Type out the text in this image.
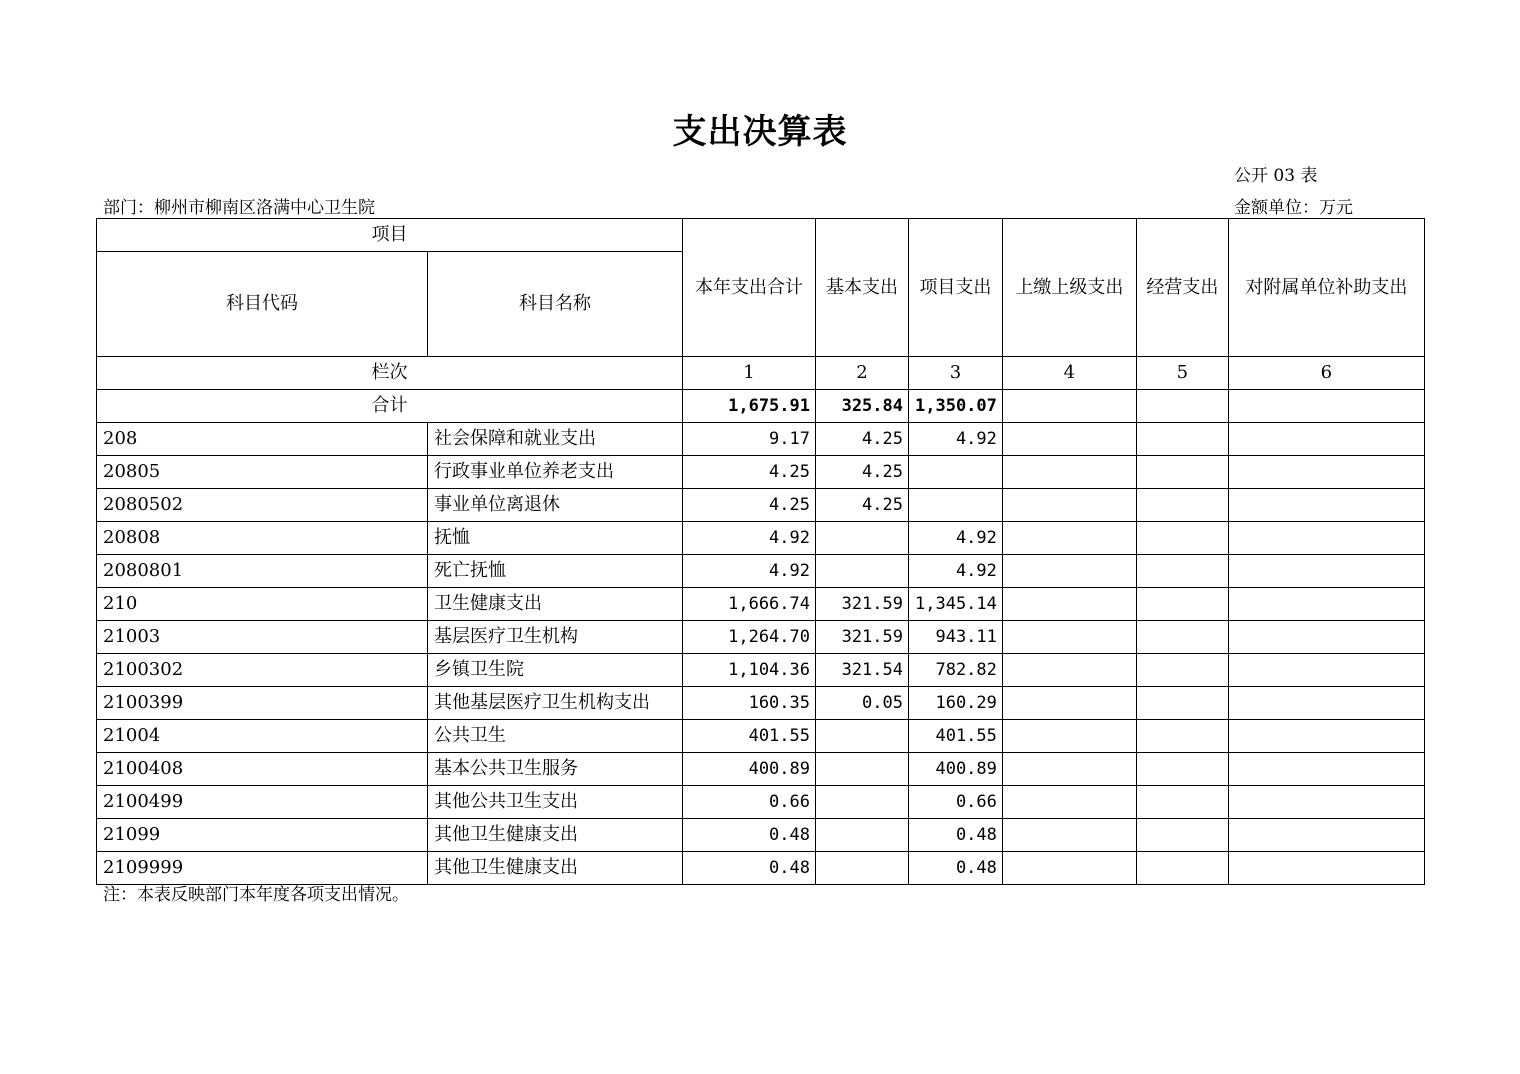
支出决算表
公开 03 表
部门：柳州市柳南区洛满中心卫生院	金额单位：万元
项目		本年支出合计	基本支出	项目支出	上缴上级支出	经营支出	对附属单位补助支出
科目代码	科目名称						
栏次		1	2	3	4	5	6
合计		1,675.91	325.84	1,350.07			
208	社会保障和就业支出	9.17	4.25	4.92			
20805	行政事业单位养老支出	4.25	4.25				
2080502	事业单位离退休	4.25	4.25				
20808	抚恤	4.92		4.92			
2080801	死亡抚恤	4.92		4.92			
210	卫生健康支出	1,666.74	321.59	1,345.14			
21003	基层医疗卫生机构	1,264.70	321.59	943.11			
2100302	乡镇卫生院	1,104.36	321.54	782.82			
2100399	其他基层医疗卫生机构支出	160.35	0.05	160.29			
21004	公共卫生	401.55		401.55			
2100408	基本公共卫生服务	400.89		400.89			
2100499	其他公共卫生支出	0.66		0.66			
21099	其他卫生健康支出	0.48		0.48			
2109999	其他卫生健康支出	0.48		0.48			
注：本表反映部门本年度各项支出情况。
